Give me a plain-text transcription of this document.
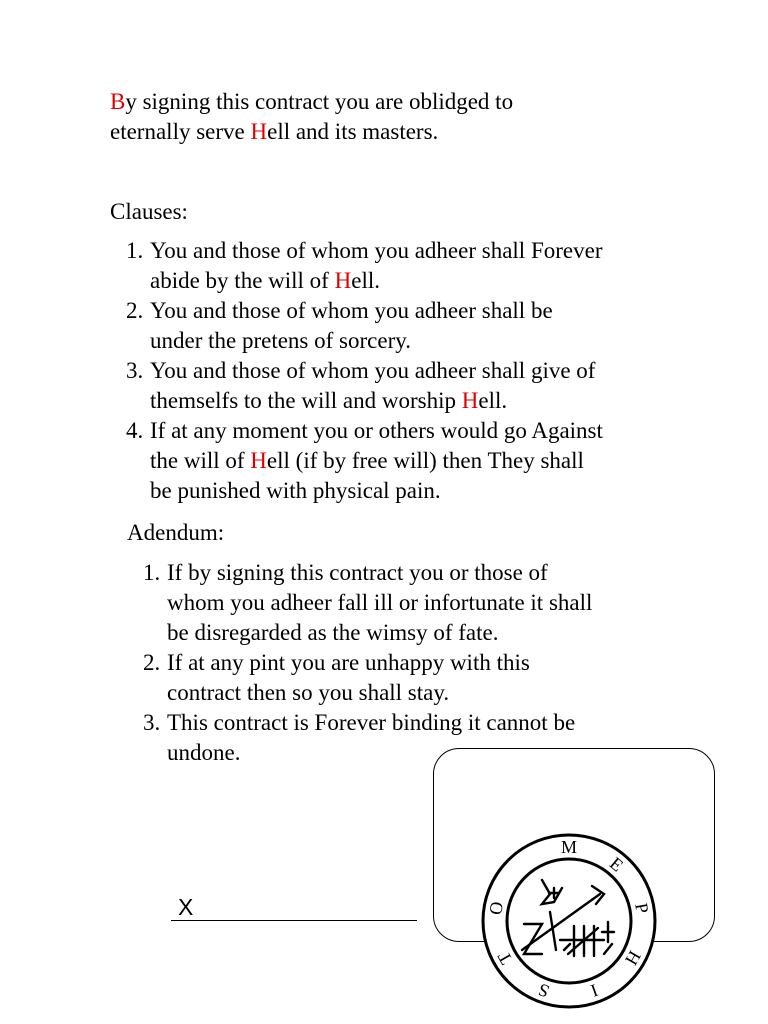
By signing this contract you are oblidged to
eternally serve Hell and its masters.
Clauses:
1. You and those of whom you adheer shall Forever
abide by the will of Hell.
2. You and those of whom you adheer shall be
under the pretens of sorcery.
3. You and those of whom you adheer shall give of
themselfs to the will and worship Hell.
4. If at any moment you or others would go Against
the will of Hell (if by free will) then They shall
be punished with physical pain.
Adendum:
1. If by signing this contract you or those of
whom you adheer fall ill or infortunate it shall
be disregarded as the wimsy of fate.
2. If at any pint you are unhappy with this
contract then so you shall stay.
3. This contract is Forever binding it cannot be
undone.
X
M
E
P
H
I
S
T
O
